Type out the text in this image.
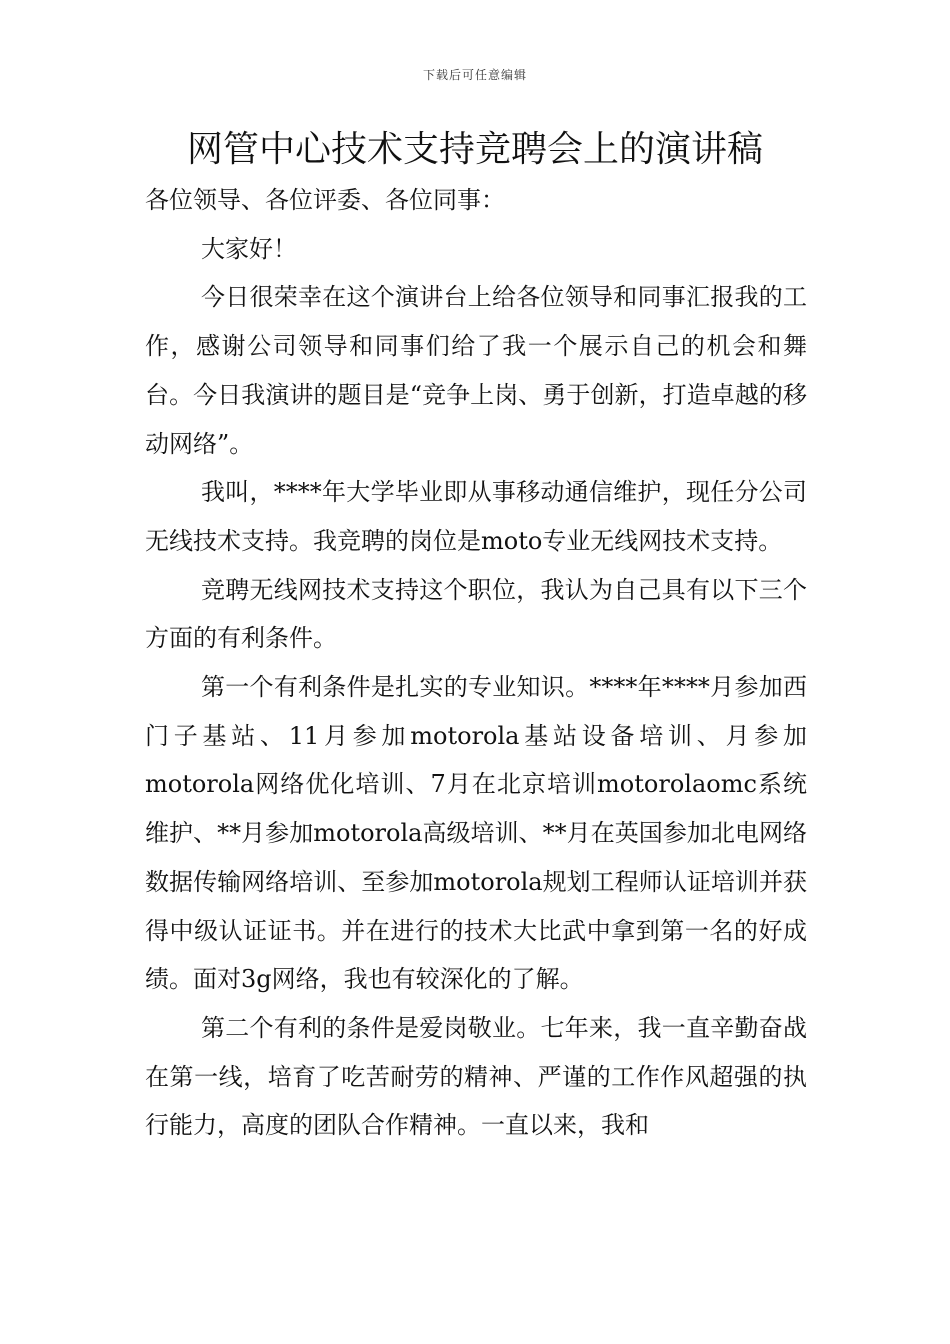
下载后可任意编辑
网管中心技术支持竞聘会上的演讲稿

各位领导、各位评委、各位同事：

大家好！

今日很荣幸在这个演讲台上给各位领导和同事汇报我的工作，感谢公司领导和同事们给了我一个展示自己的机会和舞台。今日我演讲的题目是“竞争上岗、勇于创新，打造卓越的移动网络”。

我叫，****年大学毕业即从事移动通信维护，现任分公司无线技术支持。我竞聘的岗位是moto专业无线网技术支持。

竞聘无线网技术支持这个职位，我认为自己具有以下三个方面的有利条件。

第一个有利条件是扎实的专业知识。****年****月参加西门子基站、11月参加motorola基站设备培训、月参加motorola网络优化培训、7月在北京培训motorolaomc系统维护、**月参加motorola高级培训、**月在英国参加北电网络数据传输网络培训、至参加motorola规划工程师认证培训并获得中级认证证书。并在进行的技术大比武中拿到第一名的好成绩。面对3g网络，我也有较深化的了解。

第二个有利的条件是爱岗敬业。七年来，我一直辛勤奋战在第一线，培育了吃苦耐劳的精神、严谨的工作作风超强的执行能力，高度的团队合作精神。一直以来，我和
